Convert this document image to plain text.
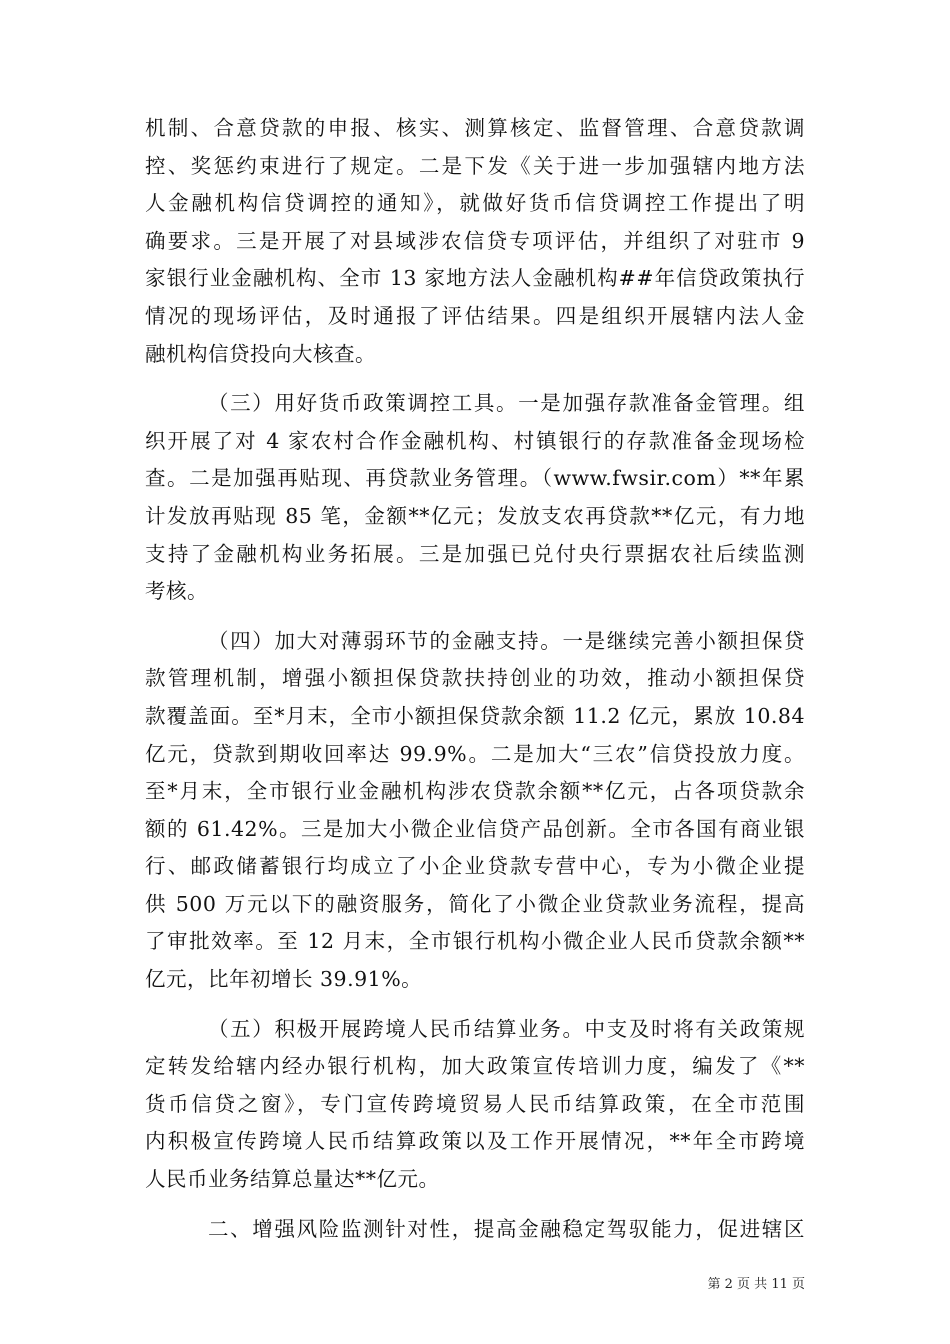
机制、合意贷款的申报、核实、测算核定、监督管理、合意贷款调
控、奖惩约束进行了规定。二是下发《关于进一步加强辖内地方法
人金融机构信贷调控的通知》，就做好货币信贷调控工作提出了明
确要求。三是开展了对县域涉农信贷专项评估，并组织了对驻市 9
家银行业金融机构、全市 13 家地方法人金融机构##年信贷政策执行
情况的现场评估，及时通报了评估结果。四是组织开展辖内法人金
融机构信贷投向大核查。
（三）用好货币政策调控工具。一是加强存款准备金管理。组
织开展了对 4 家农村合作金融机构、村镇银行的存款准备金现场检
查。二是加强再贴现、再贷款业务管理。（www.fwsir.com）**年累
计发放再贴现 85 笔，金额**亿元；发放支农再贷款**亿元，有力地
支持了金融机构业务拓展。三是加强已兑付央行票据农社后续监测
考核。
（四）加大对薄弱环节的金融支持。一是继续完善小额担保贷
款管理机制，增强小额担保贷款扶持创业的功效，推动小额担保贷
款覆盖面。至*月末，全市小额担保贷款余额 11.2 亿元，累放 10.84
亿元，贷款到期收回率达 99.9%。二是加大“三农”信贷投放力度。
至*月末，全市银行业金融机构涉农贷款余额**亿元，占各项贷款余
额的 61.42%。三是加大小微企业信贷产品创新。全市各国有商业银
行、邮政储蓄银行均成立了小企业贷款专营中心，专为小微企业提
供 500 万元以下的融资服务，简化了小微企业贷款业务流程，提高
了审批效率。至 12 月末，全市银行机构小微企业人民币贷款余额**
亿元，比年初增长 39.91%。
（五）积极开展跨境人民币结算业务。中支及时将有关政策规
定转发给辖内经办银行机构，加大政策宣传培训力度，编发了《**
货币信贷之窗》，专门宣传跨境贸易人民币结算政策，在全市范围
内积极宣传跨境人民币结算政策以及工作开展情况，**年全市跨境
人民币业务结算总量达**亿元。
二、增强风险监测针对性，提高金融稳定驾驭能力，促进辖区
第 2 页 共 11 页
